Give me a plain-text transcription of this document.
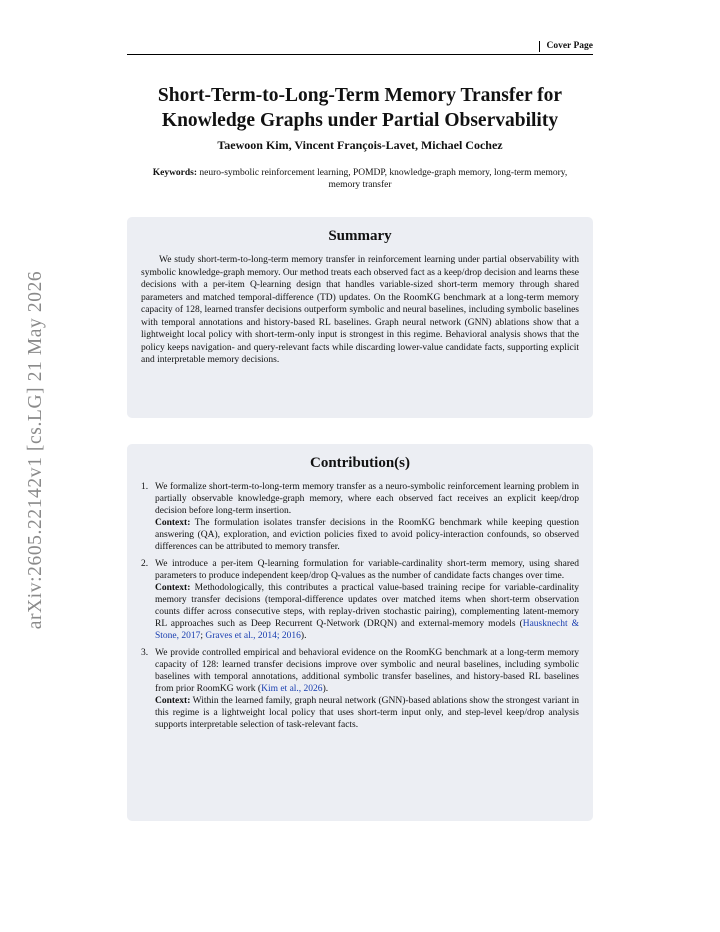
Cover Page
arXiv:2605.22142v1 [cs.LG] 21 May 2026
Short-Term-to-Long-Term Memory Transfer for
Knowledge Graphs under Partial Observability
Taewoon Kim, Vincent François-Lavet, Michael Cochez
Keywords: neuro-symbolic reinforcement learning, POMDP, knowledge-graph memory, long-term memory, memory transfer
Summary
We study short-term-to-long-term memory transfer in reinforcement learning under partial observability with symbolic knowledge-graph memory. Our method treats each observed fact as a keep/drop decision and learns these decisions with a per-item Q-learning design that handles variable-sized short-term memory through shared parameters and matched temporal-difference (TD) updates. On the RoomKG benchmark at a long-term memory capacity of 128, learned transfer decisions outperform symbolic and neural baselines, including symbolic baselines with temporal annotations and history-based RL baselines. Graph neural network (GNN) ablations show that a lightweight local policy with short-term-only input is strongest in this regime. Behavioral analysis shows that the policy keeps navigation- and query-relevant facts while discarding lower-value candidate facts, supporting explicit and interpretable memory decisions.
Contribution(s)
1. We formalize short-term-to-long-term memory transfer as a neuro-symbolic reinforcement learning problem in partially observable knowledge-graph memory, where each observed fact receives an explicit keep/drop decision before long-term insertion.
Context: The formulation isolates transfer decisions in the RoomKG benchmark while keeping question answering (QA), exploration, and eviction policies fixed to avoid policy-interaction confounds, so observed differences can be attributed to memory transfer.
2. We introduce a per-item Q-learning formulation for variable-cardinality short-term memory, using shared parameters to produce independent keep/drop Q-values as the number of candidate facts changes over time.
Context: Methodologically, this contributes a practical value-based training recipe for variable-cardinality memory transfer decisions (temporal-difference updates over matched items when short-term observation counts differ across consecutive steps, with replay-driven stochastic pairing), complementing latent-memory RL approaches such as Deep Recurrent Q-Network (DRQN) and external-memory models (Hausknecht & Stone, 2017; Graves et al., 2014; 2016).
3. We provide controlled empirical and behavioral evidence on the RoomKG benchmark at a long-term memory capacity of 128: learned transfer decisions improve over symbolic and neural baselines, including symbolic baselines with temporal annotations, additional symbolic transfer baselines, and history-based RL baselines from prior RoomKG work (Kim et al., 2026).
Context: Within the learned family, graph neural network (GNN)-based ablations show the strongest variant in this regime is a lightweight local policy that uses short-term input only, and step-level keep/drop analysis supports interpretable selection of task-relevant facts.
